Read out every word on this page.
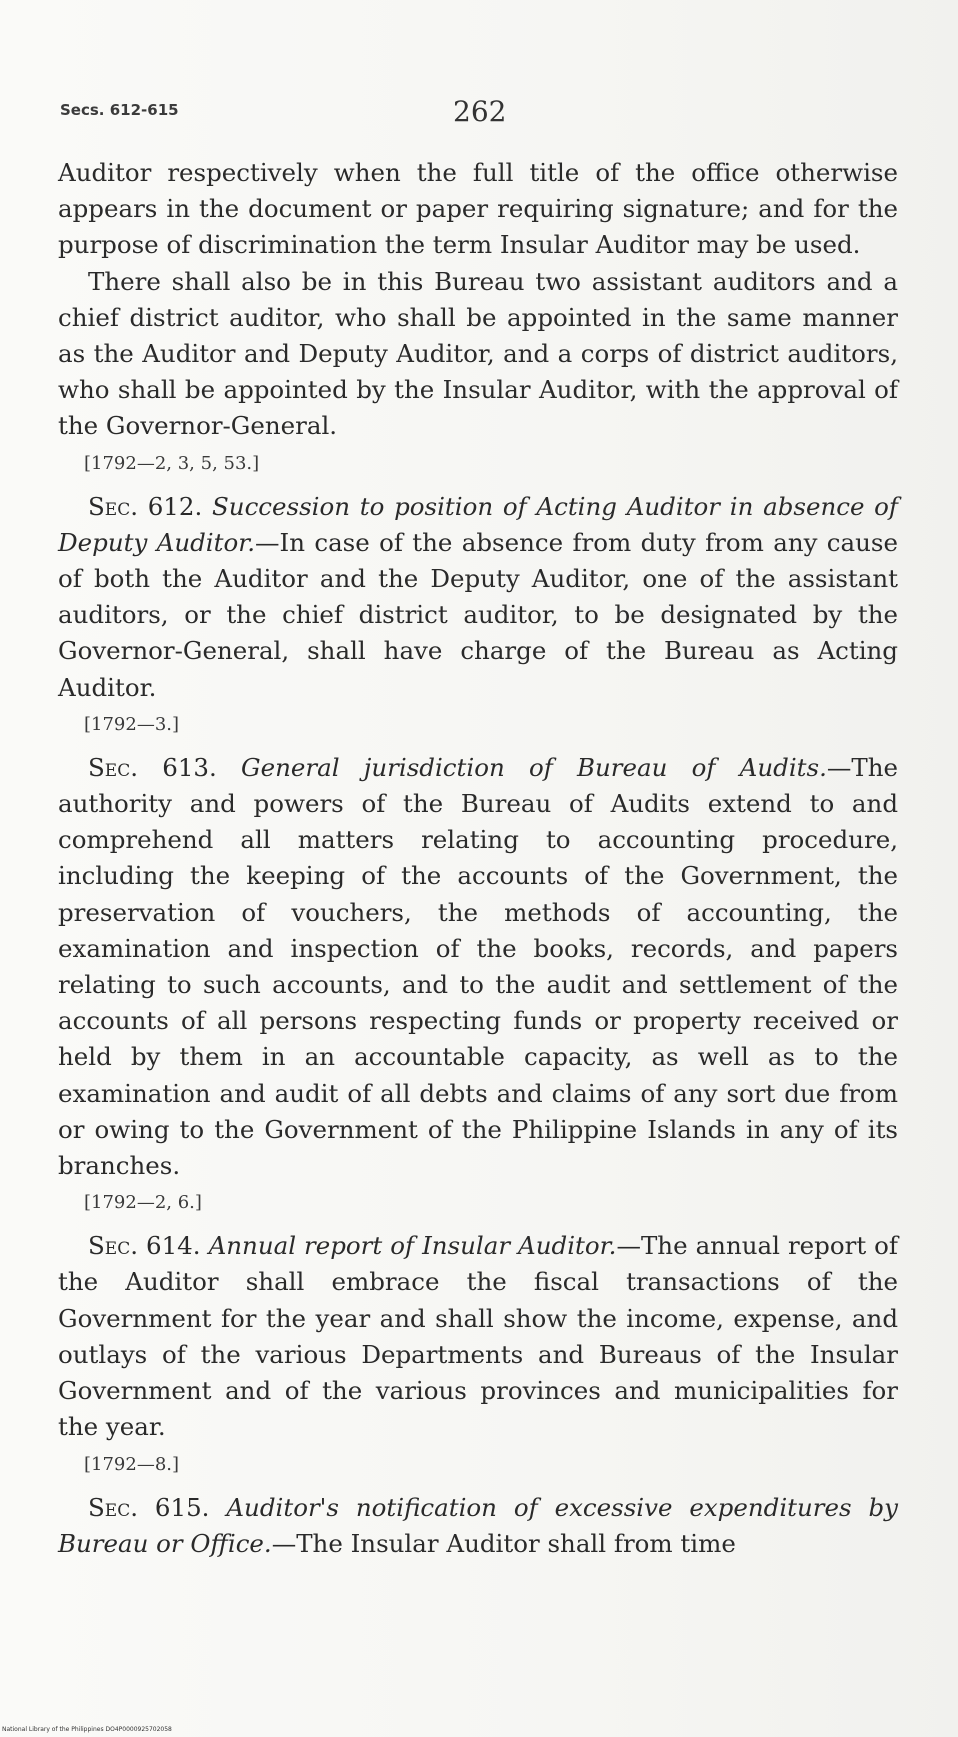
Secs. 612-615	262

Auditor respectively when the full title of the office otherwise appears in the document or paper requiring signature; and for the purpose of discrimination the term Insular Auditor may be used.

There shall also be in this Bureau two assistant auditors and a chief district auditor, who shall be appointed in the same manner as the Auditor and Deputy Auditor, and a corps of district auditors, who shall be appointed by the Insular Auditor, with the approval of the Governor-General.

[1792—2, 3, 5, 53.]

Sec. 612. Succession to position of Acting Auditor in absence of Deputy Auditor.—In case of the absence from duty from any cause of both the Auditor and the Deputy Auditor, one of the assistant auditors, or the chief district auditor, to be designated by the Governor-General, shall have charge of the Bureau as Acting Auditor.

[1792—3.]

Sec. 613. General jurisdiction of Bureau of Audits.—The authority and powers of the Bureau of Audits extend to and comprehend all matters relating to accounting procedure, including the keeping of the accounts of the Government, the preservation of vouchers, the methods of accounting, the examination and inspection of the books, records, and papers relating to such accounts, and to the audit and settlement of the accounts of all persons respecting funds or property received or held by them in an accountable capacity, as well as to the examination and audit of all debts and claims of any sort due from or owing to the Government of the Philippine Islands in any of its branches.

[1792—2, 6.]

Sec. 614. Annual report of Insular Auditor.—The annual report of the Auditor shall embrace the fiscal transactions of the Government for the year and shall show the income, expense, and outlays of the various Departments and Bureaus of the Insular Government and of the various provinces and municipalities for the year.

[1792—8.]

Sec. 615. Auditor's notification of excessive expenditures by Bureau or Office.—The Insular Auditor shall from time

National Library of the Philippines DO4P0000925702058
